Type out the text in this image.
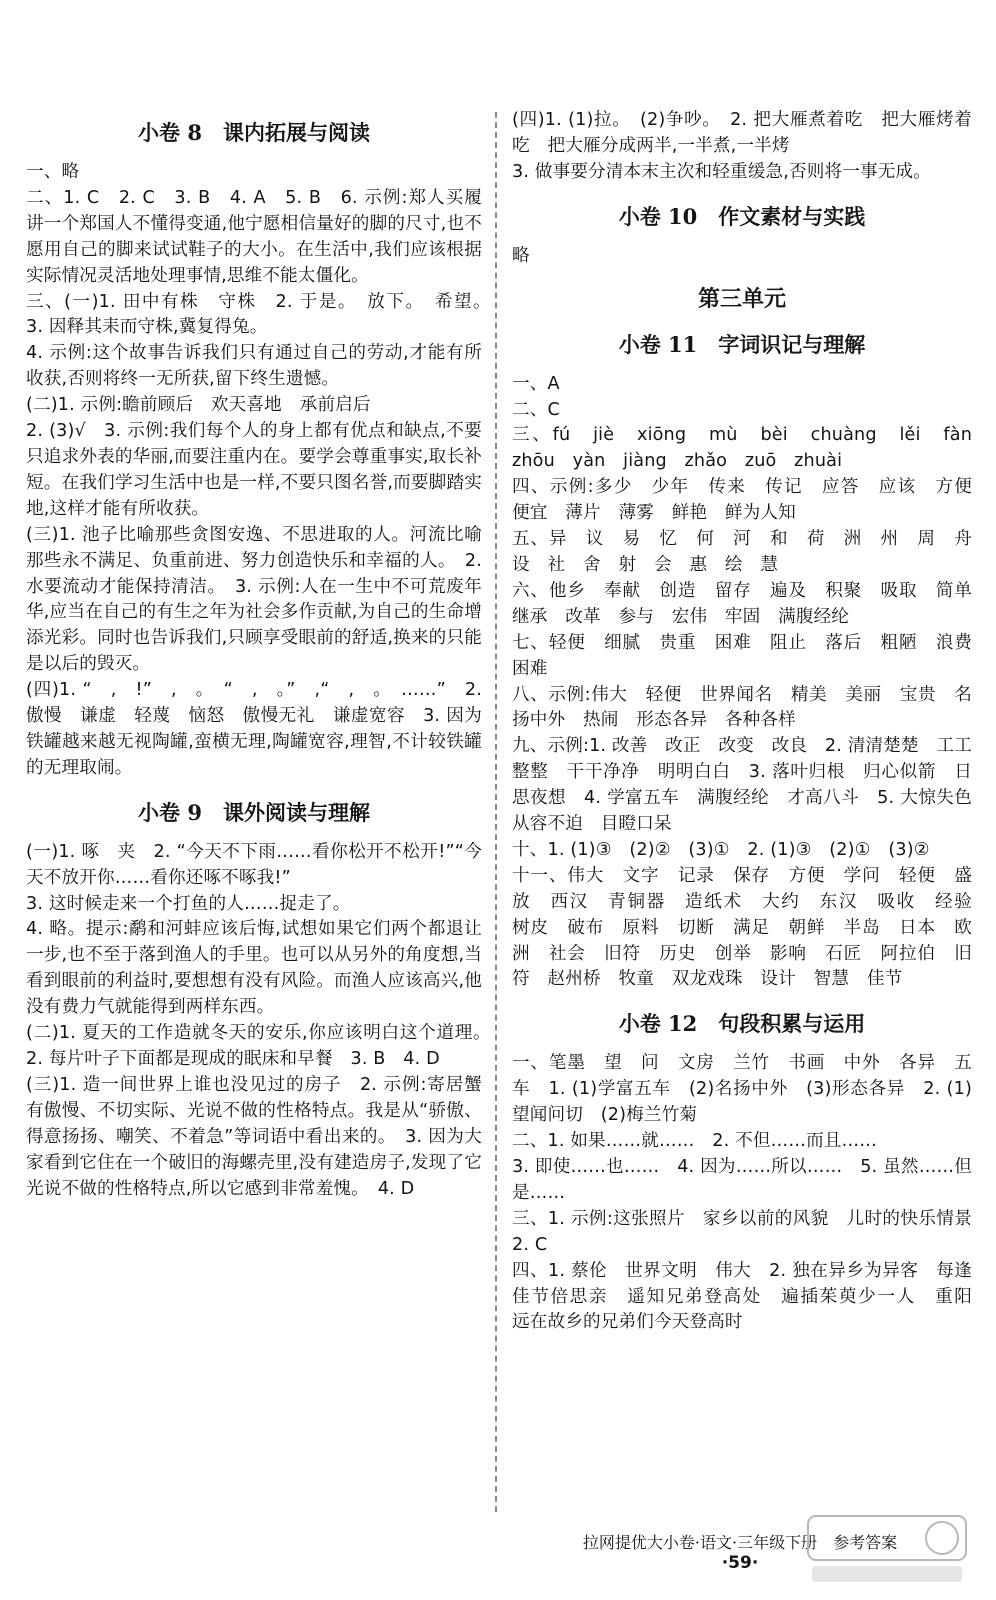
小卷 8　课内拓展与阅读

一、略

二、1. C　2. C　3. B　4. A　5. B　6. 示例:郑人买履　讲一个郑国人不懂得变通,他宁愿相信量好的脚的尺寸,也不愿用自己的脚来试试鞋子的大小。在生活中,我们应该根据实际情况灵活地处理事情,思维不能太僵化。

三、(一)1. 田中有株　守株　2. 于是。　放下。　希望。　3. 因释其耒而守株,冀复得兔。

4. 示例:这个故事告诉我们只有通过自己的劳动,才能有所收获,否则将终一无所获,留下终生遗憾。

(二)1. 示例:瞻前顾后　欢天喜地　承前启后

2. (3)√　3. 示例:我们每个人的身上都有优点和缺点,不要只追求外表的华丽,而要注重内在。要学会尊重事实,取长补短。在我们学习生活中也是一样,不要只图名誉,而要脚踏实地,这样才能有所收获。

(三)1. 池子比喻那些贪图安逸、不思进取的人。河流比喻那些永不满足、负重前进、努力创造快乐和幸福的人。　2. 水要流动才能保持清洁。　3. 示例:人在一生中不可荒废年华,应当在自己的有生之年为社会多作贡献,为自己的生命增添光彩。同时也告诉我们,只顾享受眼前的舒适,换来的只能是以后的毁灭。

(四)1. “　,　!”　,　。　“　,　。”　,“　,　。　……”　2. 傲慢　谦虚　轻蔑　恼怒　傲慢无礼　谦虚宽容　3. 因为铁罐越来越无视陶罐,蛮横无理,陶罐宽容,理智,不计较铁罐的无理取闹。

小卷 9　课外阅读与理解

(一)1. 啄　夹　2. “今天不下雨……看你松开不松开!”“今天不放开你……看你还啄不啄我!”

3. 这时候走来一个打鱼的人……捉走了。

4. 略。提示:鹬和河蚌应该后悔,试想如果它们两个都退让一步,也不至于落到渔人的手里。也可以从另外的角度想,当看到眼前的利益时,要想想有没有风险。而渔人应该高兴,他没有费力气就能得到两样东西。

(二)1. 夏天的工作造就冬天的安乐,你应该明白这个道理。　2. 每片叶子下面都是现成的眠床和早餐　3. B　4. D

(三)1. 造一间世界上谁也没见过的房子　2. 示例:寄居蟹有傲慢、不切实际、光说不做的性格特点。我是从“骄傲、得意扬扬、嘲笑、不着急”等词语中看出来的。　3. 因为大家看到它住在一个破旧的海螺壳里,没有建造房子,发现了它光说不做的性格特点,所以它感到非常羞愧。　4. D

(四)1. (1)拉。　(2)争吵。　2. 把大雁煮着吃　把大雁烤着吃　把大雁分成两半,一半煮,一半烤

3. 做事要分清本末主次和轻重缓急,否则将一事无成。

小卷 10　作文素材与实践

略

第三单元
小卷 11　字词识记与理解

一、A

二、C

三、fú　jiè　xiōng　mù　bèi　chuàng　lěi　fàn　zhōu　yàn　jiàng　zhǎo　zuō　zhuài

四、示例:多少　少年　传来　传记　应答　应该　方便　便宜　薄片　薄雾　鲜艳　鲜为人知

五、异　议　易　忆　何　河　和　荷　洲　州　周　舟　设　社　舍　射　会　惠　绘　慧

六、他乡　奉献　创造　留存　遍及　积聚　吸取　简单　继承　改革　参与　宏伟　牢固　满腹经纶

七、轻便　细腻　贵重　困难　阻止　落后　粗陋　浪费　困难

八、示例:伟大　轻便　世界闻名　精美　美丽　宝贵　名扬中外　热闹　形态各异　各种各样

九、示例:1. 改善　改正　改变　改良　2. 清清楚楚　工工整整　干干净净　明明白白　3. 落叶归根　归心似箭　日思夜想　4. 学富五车　满腹经纶　才高八斗　5. 大惊失色　从容不迫　目瞪口呆

十、1. (1)③　(2)②　(3)①　2. (1)③　(2)①　(3)②

十一、伟大　文字　记录　保存　方便　学问　轻便　盛放　西汉　青铜器　造纸术　大约　东汉　吸收　经验　树皮　破布　原料　切断　满足　朝鲜　半岛　日本　欧洲　社会　旧符　历史　创举　影响　石匠　阿拉伯　旧符　赵州桥　牧童　双龙戏珠　设计　智慧　佳节

小卷 12　句段积累与运用

一、笔墨　望　问　文房　兰竹　书画　中外　各异　五车　1. (1)学富五车　(2)名扬中外　(3)形态各异　2. (1)望闻问切　(2)梅兰竹菊

二、1. 如果……就……　2. 不但……而且……

3. 即使……也……　4. 因为……所以……　5. 虽然……但是……

三、1. 示例:这张照片　家乡以前的风貌　儿时的快乐情景　2. C

四、1. 蔡伦　世界文明　伟大　2. 独在异乡为异客　每逢佳节倍思亲　遥知兄弟登高处　遍插茱萸少一人　重阳　远在故乡的兄弟们今天登高时

拉网提优大小卷·语文·三年级下册　参考答案
·59·
